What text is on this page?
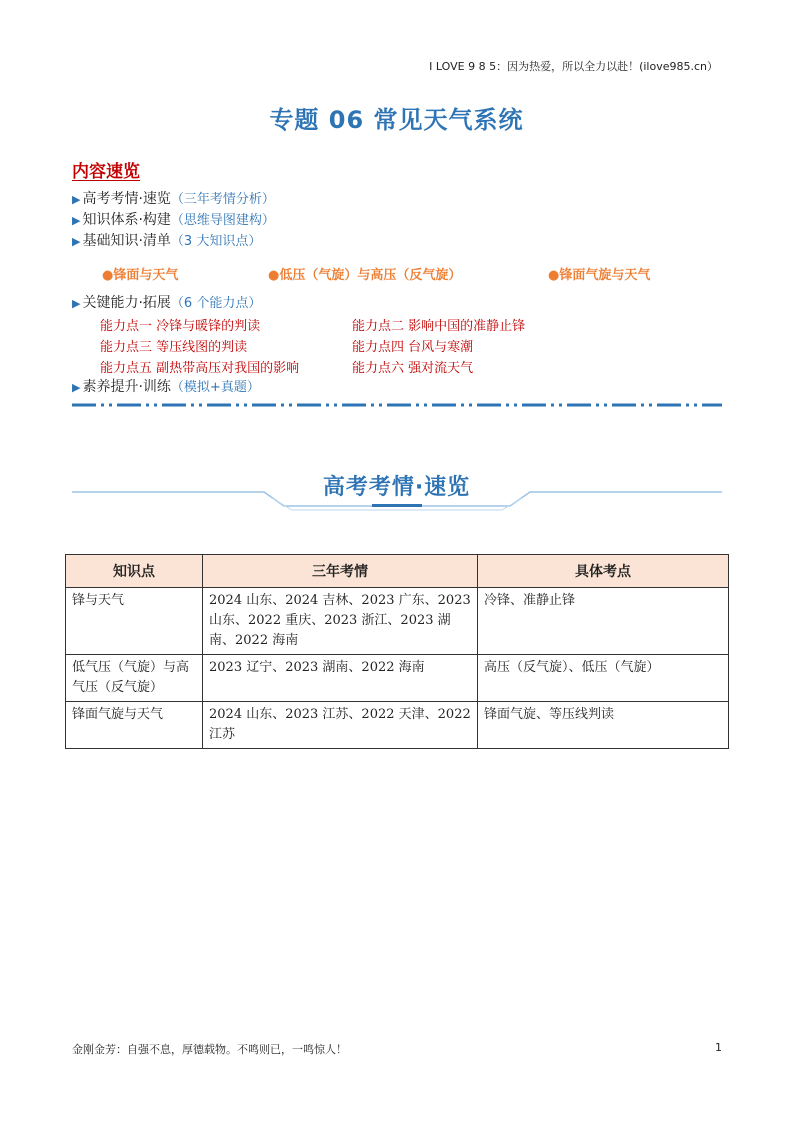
I LOVE 9 8 5：因为热爱，所以全力以赴！(ilove985.cn）
专题 06 常见天气系统
内容速览
▶ 高考考情·速览（三年考情分析）
▶ 知识体系·构建（思维导图建构）
▶ 基础知识·清单（3 大知识点）
●锋面与天气	●低压（气旋）与高压（反气旋）	●锋面气旋与天气
▶ 关键能力·拓展（6 个能力点）
能力点一 冷锋与暖锋的判读	能力点二 影响中国的准静止锋
能力点三 等压线图的判读	能力点四 台风与寒潮
能力点五 副热带高压对我国的影响	能力点六 强对流天气
▶ 素养提升·训练（模拟+真题）
高考考情·速览
知识点	三年考情	具体考点
锋与天气	2024 山东、2024 吉林、2023 广东、2023 山东、2022 重庆、2023 浙江、2023 湖南、2022 海南	冷锋、准静止锋
低气压（气旋）与高气压（反气旋）	2023 辽宁、2023 湖南、2022 海南	高压（反气旋）、低压（气旋）
锋面气旋与天气	2024 山东、2023 江苏、2022 天津、2022 江苏	锋面气旋、等压线判读
金刚金芳：自强不息，厚德载物。不鸣则已，一鸣惊人！	1
